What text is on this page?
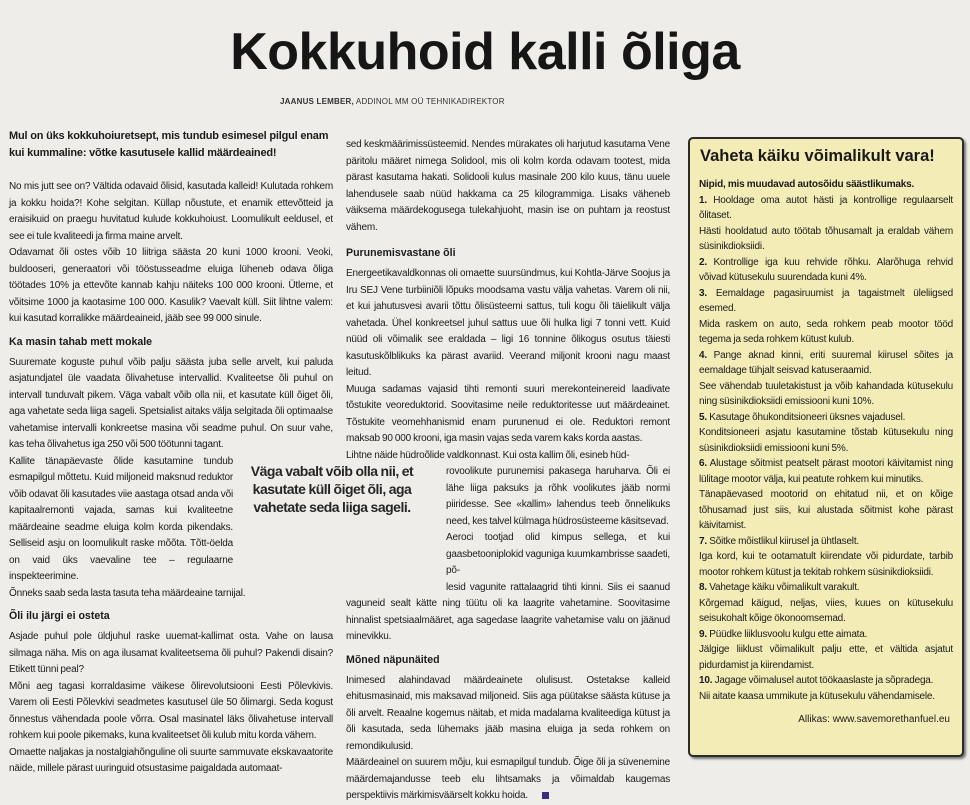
Kokkuhoid kalli õliga
JAANUS LEMBER, ADDINOL MM OÜ TEHNIKADIREKTOR
Mul on üks kokkuhoiuretsept, mis tundub esimesel pilgul enam kui kummaline: võtke kasutusele kallid määrdeained!

No mis jutt see on? Vältida odavaid õlisid, kasutada kalleid! Kulutada rohkem ja kokku hoida?! Kohe selgitan. Küllap nõustute, et enamik ettevõtteid ja eraisikuid on praegu huvitatud kulude kokkuhoiust. Loomulikult eeldusel, et see ei tule kvaliteedi ja firma maine arvelt.

Odavamat õli ostes võib 10 liitriga säästa 20 kuni 1000 krooni. Veoki, buldooseri, generaatori või tööstusseadme eluiga lüheneb odava õliga töötades 10% ja ettevõte kannab kahju näiteks 100 000 krooni. Ütleme, et võitsime 1000 ja kaotasime 100 000. Kasulik? Vaevalt küll. Siit lihtne valem: kui kasutad korralikke määrdeaineid, jääb see 99 000 sinule.

Ka masin tahab mett mokale

Suuremate koguste puhul võib palju säästa juba selle arvelt, kui paluda asjatundjatel üle vaadata õlivahetuse intervallid. Kvaliteetse õli puhul on intervall tunduvalt pikem. Väga vabalt võib olla nii, et kasutate küll õiget õli, aga vahetate seda liiga sageli. Spetsialist aitaks välja selgitada õli optimaalse vahetamise intervalli konkreetse masina või seadme puhul. On suur vahe, kas teha õlivahetus iga 250 või 500 töötunni tagant.

Väga vabalt võib olla nii, et kasutate küll õiget õli, aga vahetate seda liiga sageli.

Kallite tänapäevaste õlide kasutamine tundub esmapilgul mõttetu. Kuid miljoneid maksnud reduktor võib odavat õli kasutades viie aastaga otsad anda või kapitaalremonti vajada, samas kui kvaliteetne määrdeaine seadme eluiga kolm korda pikendaks. Selliseid asju on loomulikult raske mõõta. Tõtt-öelda on vaid üks vaevaline tee – regulaarne inspekteerimine.

Õnneks saab seda lasta tasuta teha määrdeaine tarnijal.

Õli ilu järgi ei osteta

Asjade puhul pole üldjuhul raske uuemat-kallimat osta. Vahe on lausa silmaga näha. Mis on aga ilusamat kvaliteetsema õli puhul? Pakendi disain? Etikett tünni peal?

Mõni aeg tagasi korraldasime väikese õlirevolutsiooni Eesti Põlevkivis. Varem oli Eesti Põlevkivi seadmetes kasutusel üle 50 õlimargi. Seda kogust õnnestus vähendada poole võrra. Osal masinatel läks õlivahetuse intervall rohkem kui poole pikemaks, kuna kvaliteetset õli kulub mitu korda vähem.

Omaette naljakas ja nostalgiahõnguline oli suurte sammuvate ekskavaatorite näide, millele pärast uuringuid otsustasime paigaldada automaat-

sed keskmäärimissüsteemid. Nendes mürakates oli harjutud kasutama Vene päritolu määret nimega Solidool, mis oli kolm korda odavam tootest, mida pärast kasutama hakati. Solidooli kulus masinale 200 kilo kuus, tänu uuele lahendusele saab nüüd hakkama ca 25 kilogrammiga. Lisaks väheneb väiksema määrdekogusega tulekahjuoht, masin ise on puhtam ja reostust vähem.
Purunemisvastane õli

Energeetikavaldkonnas oli omaette suursündmus, kui Kohtla-Järve Soojus ja Iru SEJ Vene turbiiniõli lõpuks moodsama vastu välja vahetas. Varem oli nii, et kui jahutusvesi avarii tõttu õlisüsteemi sattus, tuli kogu õli täielikult välja vahetada. Ühel konkreetsel juhul sattus uue õli hulka ligi 7 tonni vett. Kuid nüüd oli võimalik see eraldada – ligi 16 tonnine õlikogus osutus täiesti kasutuskõlblikuks ka pärast avariid. Veerand miljonit krooni nagu maast leitud.

Muuga sadamas vajasid tihti remonti suuri merekonteinereid laadivate tõstukite veoreduktorid. Soovitasime neile reduktoritesse uut määrdeainet. Tõstukite veomehhanismid enam purunenud ei ole. Reduktori remont maksab 90 000 krooni, iga masin vajas seda varem kaks korda aastas.

Lihtne näide hüdroõlide valdkonnast. Kui osta kallim õli, esineb hüd-

rovoolikute purunemisi pakasega haruharva. Õli ei lähe liiga paksuks ja rõhk voolikutes jääb normi piiridesse. See «kallim» lahendus teeb õnnelikuks need, kes talvel külmaga hüdrosüsteeme käsitsevad.

Aeroci tootjad olid kimpus sellega, et kui gaasbetooniplokid vaguniga kuumkambrisse saadeti, põ-

lesid vagunite rattalaagrid tihti kinni. Siis ei saanud vaguneid sealt kätte ning tüütu oli ka laagrite vahetamine. Soovitasime hinnalist spetsiaalmääret, aga sagedase laagrite vahetamise valu on jäänud minevikku.

Mõned näpunäited

Inimesed alahindavad määrdeainete olulisust. Ostetakse kalleid ehitusmasinaid, mis maksavad miljoneid. Siis aga püütakse säästa kütuse ja õli arvelt. Reaalne kogemus näitab, et mida madalama kvaliteediga kütust ja õli kasutada, seda lühemaks jääb masina eluiga ja seda rohkem on remondikulusid.

Määrdeainel on suurem mõju, kui esmapilgul tundub. Õige õli ja süvenemine määrdemajandusse teeb elu lihtsamaks ja võimaldab kaugemas perspektiivis märkimisväärselt kokku hoida.

Vaheta käiku võimalikult vara!

Nipid, mis muudavad autosõidu säästlikumaks.

1. Hooldage oma autot hästi ja kontrollige regulaarselt õlitaset.

Hästi hooldatud auto töötab tõhusamalt ja eraldab vähem süsinikdioksiidi.

2. Kontrollige iga kuu rehvide rõhku. Alarõhuga rehvid võivad kütusekulu suurendada kuni 4%.

3. Eemaldage pagasiruumist ja tagaistmelt üleliigsed esemed.

Mida raskem on auto, seda rohkem peab mootor tööd tegema ja seda rohkem kütust kulub.

4. Pange aknad kinni, eriti suuremal kiirusel sõites ja eemaldage tühjalt seisvad katuseraamid.

See vähendab tuuletakistust ja võib kahandada kütusekulu ning süsinikdioksiidi emissiooni kuni 10%.

5. Kasutage õhukonditsioneeri üksnes vajadusel.

Konditsioneeri asjatu kasutamine tõstab kütusekulu ning süsinikdioksiidi emissiooni kuni 5%.

6. Alustage sõitmist peatselt pärast mootori käivitamist ning lülitage mootor välja, kui peatute rohkem kui minutiks.

Tänapäevased mootorid on ehitatud nii, et on kõige tõhusamad just siis, kui alustada sõitmist kohe pärast käivitamist.

7. Sõitke mõistlikul kiirusel ja ühtlaselt.

Iga kord, kui te ootamatult kiirendate või pidurdate, tarbib mootor rohkem kütust ja tekitab rohkem süsinikdioksiidi.

8. Vahetage käiku võimalikult varakult.

Kõrgemad käigud, neljas, viies, kuues on kütusekulu seisukohalt kõige ökonoomsemad.

9. Püüdke liiklusvoolu kulgu ette aimata.

Jälgige liiklust võimalikult palju ette, et vältida asjatut pidurdamist ja kiirendamist.

10. Jagage võimalusel autot töökaaslaste ja sõpradega.

Nii aitate kaasa ummikute ja kütusekulu vähendamisele.

Allikas: www.savemorethanfuel.eu
